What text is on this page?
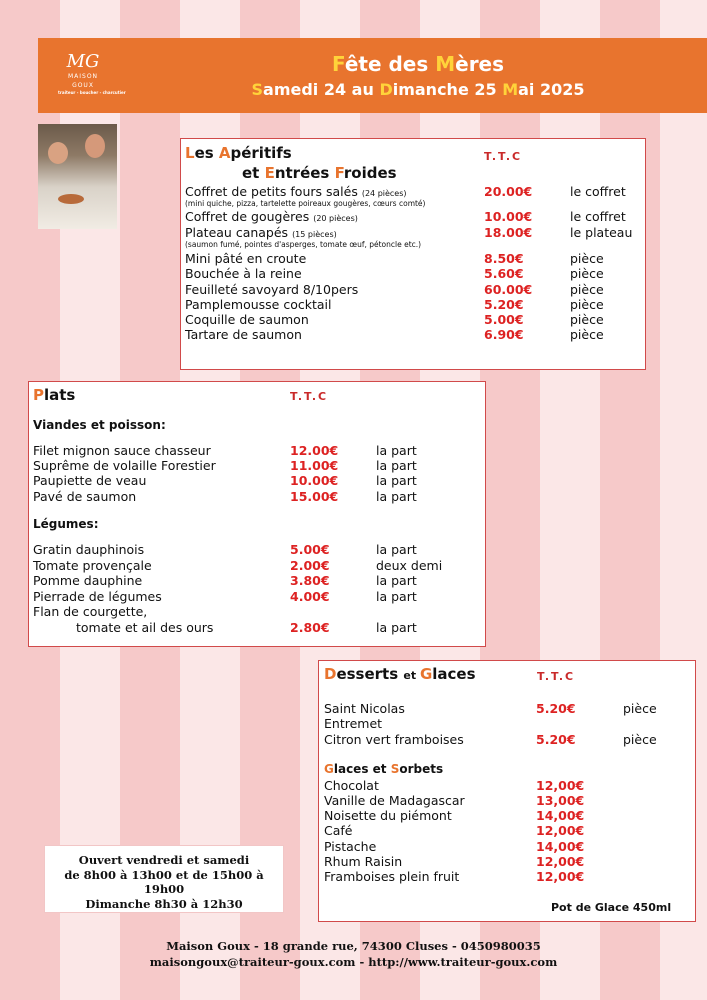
MG
MAISON GOUX
traiteur - boucher - charcutier
Fête des Mères
Samedi 24 au Dimanche 25 Mai 2025
Les Apéritifs
et Entrées Froides
T.T.C
Coffret de petits fours salés (24 pièces)	20.00€	le coffret
(mini quiche, pizza, tartelette poireaux gougères, cœurs comté)
Coffret de gougères (20 pièces)	10.00€	le coffret
Plateau canapés (15 pièces)	18.00€	le plateau
(saumon fumé, pointes d'asperges, tomate œuf, pétoncle etc.)
Mini pâté en croute	8.50€	pièce
Bouchée à la reine	5.60€	pièce
Feuilleté savoyard 8/10pers	60.00€	pièce
Pamplemousse cocktail	5.20€	pièce
Coquille de saumon	5.00€	pièce
Tartare de saumon	6.90€	pièce
Plats	T.T.C
Viandes et poisson:
Filet mignon sauce chasseur	12.00€	la part
Suprême de volaille Forestier	11.00€	la part
Paupiette de veau	10.00€	la part
Pavé de saumon	15.00€	la part
Légumes:
Gratin dauphinois	5.00€	la part
Tomate provençale	2.00€	deux demi
Pomme dauphine	3.80€	la part
Pierrade de légumes	4.00€	la part
Flan de courgette,
tomate et ail des ours	2.80€	la part
Desserts et Glaces	T.T.C
Saint Nicolas	5.20€	pièce
Entremet
Citron vert framboises	5.20€	pièce
Glaces et Sorbets
Chocolat	12,00€
Vanille de Madagascar	13,00€
Noisette du piémont	14,00€
Café	12,00€
Pistache	14,00€
Rhum Raisin	12,00€
Framboises plein fruit	12,00€
Pot de Glace 450ml
Ouvert vendredi et samedi
de 8h00 à 13h00 et de 15h00 à 19h00
Dimanche 8h30 à 12h30
Maison Goux - 18 grande rue, 74300 Cluses - 0450980035
maisongoux@traiteur-goux.com - http://www.traiteur-goux.com
